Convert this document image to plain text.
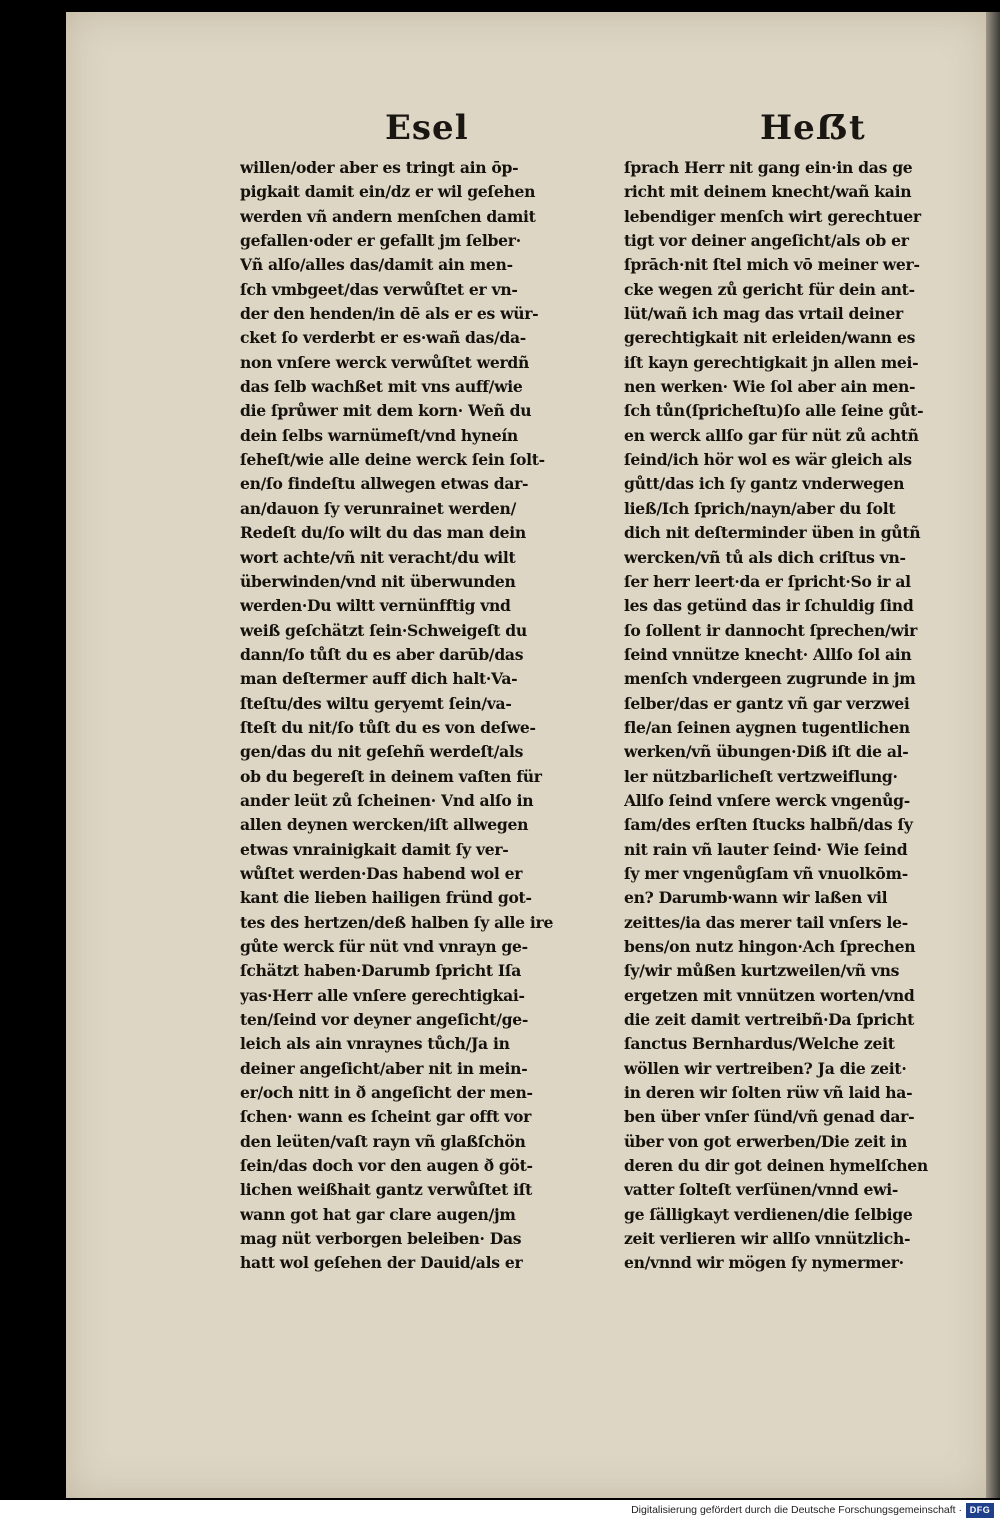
Esel	Heẞt
willen/oder aber es tringt ain ōp‑
pigkait damit ein/dz er wil geſehen
werden vñ andern menſchen damit
gefallen·oder er gefallt jm ſelber·
Vñ alſo/alles das/damit ain men‑
ſch vmbgeet/das verwůſtet er vn‑
der den henden/in dē als er es wür‑
cket ſo verderbt er es·wañ das/da‑
non vnſere werck verwůſtet werdñ
das ſelb wachßet mit vns auff/wie
die ſprůwer mit dem korn· Weñ du
dein ſelbs warnümeſt/vnd hyneín
ſeheſt/wie alle deine werck ſein ſolt‑
en/ſo findeſtu allwegen etwas dar‑
an/dauon ſy verunrainet werden/
Redeſt du/ſo wilt du das man dein
wort achte/vñ nit veracht/du wilt
überwinden/vnd nit überwunden
werden·Du wiltt vernünfftig vnd
weiß geſchätzt ſein·Schweigeſt du
dann/ſo tůſt du es aber darūb/das
man deſtermer auff dich halt·Va‑
ſteſtu/des wiltu geryemt ſein/va‑
ſteſt du nit/ſo tůſt du es von deſwe‑
gen/das du nit geſehñ werdeſt/als
ob du begereſt in deinem vaſten für
ander leüt zů ſcheinen· Vnd alſo in
allen deynen wercken/iſt allwegen
etwas vnrainigkait damit ſy ver‑
wůſtet werden·Das habend wol er
kant die lieben hailigen fründ got‑
tes des hertzen/deß halben ſy alle ire
gůte werck für nüt vnd vnrayn ge‑
ſchätzt haben·Darumb ſpricht Iſa
yas·Herr alle vnſere gerechtigkai‑
ten/ſeind vor deyner angeſicht/ge‑
leich als ain vnraynes tůch/Ja in
deiner angeſicht/aber nit in mein‑
er/och nitt in ð angeſicht der men‑
ſchen· wann es ſcheint gar offt vor
den leüten/vaſt rayn vñ glaßſchön
ſein/das doch vor den augen ð göt‑
lichen weißhait gantz verwůſtet iſt
wann got hat gar clare augen/jm
mag nüt verborgen beleiben· Das
hatt wol geſehen der Dauid/als er
ſprach Herr nit gang ein·in das ge
richt mit deinem knecht/wañ kain
lebendiger menſch wirt gerechtuer
tigt vor deiner angeſicht/als ob er
ſprāch·nit ſtel mich vō meiner wer‑
cke wegen zů gericht für dein ant‑
lüt/wañ ich mag das vrtail deiner
gerechtigkait nit erleiden/wann es
iſt kayn gerechtigkait jn allen mei‑
nen werken· Wie ſol aber ain men‑
ſch tůn(ſpricheſtu)ſo alle ſeine gůt‑
en werck allſo gar für nüt zů achtñ
ſeind/ich hör wol es wär gleich als
gůtt/das ich ſy gantz vnderwegen
ließ/Ich ſprich/nayn/aber du ſolt
dich nit deſterminder üben in gůtñ
wercken/vñ tů als dich criſtus vn‑
ſer herr leert·da er ſpricht·So ir al
les das getünd das ir ſchuldig ſind
ſo ſollent ir dannocht ſprechen/wir
ſeind vnnütze knecht· Allſo ſol ain
menſch vndergeen zugrunde in jm
ſelber/das er gantz vñ gar verzwei
fle/an ſeinen aygnen tugentlichen
werken/vñ übungen·Diß iſt die al‑
ler nützbarlicheſt vertzweiflung·
Allſo ſeind vnſere werck vngenůg‑
ſam/des erſten ſtucks halbñ/das ſy
nit rain vñ lauter ſeind· Wie ſeind
ſy mer vngenůgſam vñ vnuolkōm‑
en? Darumb·wann wir laßen vil
zeittes/ia das merer tail vnſers le‑
bens/on nutz hingon·Ach ſprechen
ſy/wir můßen kurtzweilen/vñ vns
ergetzen mit vnnützen worten/vnd
die zeit damit vertreibñ·Da ſpricht
ſanctus Bernhardus/Welche zeit
wöllen wir vertreiben? Ja die zeit·
in deren wir ſolten rüw vñ laid ha‑
ben über vnſer ſünd/vñ genad dar‑
über von got erwerben/Die zeit in
deren du dir got deinen hymelſchen
vatter ſolteſt verſünen/vnnd ewi‑
ge ſälligkayt verdienen/die ſelbige
zeit verlieren wir allſo vnnützlich‑
en/vnnd wir mögen ſy nymermer·
Digitalisierung gefördert durch die Deutsche Forschungsgemeinschaft · DFG
